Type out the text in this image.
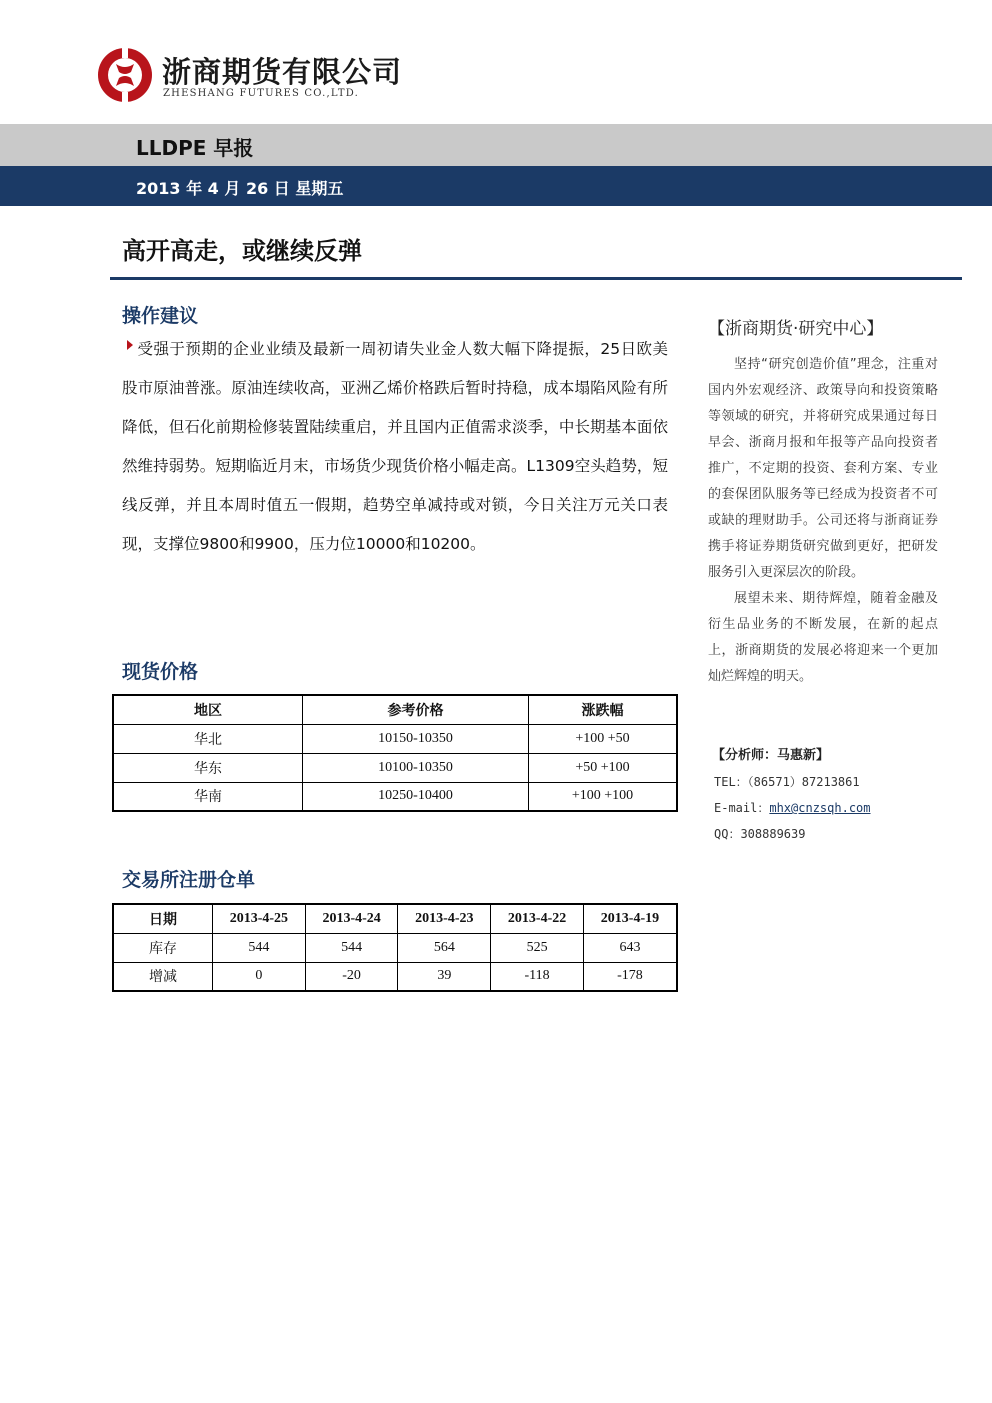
浙商期货有限公司
ZHESHANG FUTURES CO.,LTD.
LLDPE 早报
2013 年 4 月 26 日 星期五
高开高走，或继续反弹
操作建议
受强于预期的企业业绩及最新一周初请失业金人数大幅下降提振，25日欧美股市原油普涨。原油连续收高，亚洲乙烯价格跌后暂时持稳，成本塌陷风险有所降低，但石化前期检修装置陆续重启，并且国内正值需求淡季，中长期基本面依然维持弱势。短期临近月末，市场货少现货价格小幅走高。L1309空头趋势，短线反弹，并且本周时值五一假期，趋势空单减持或对锁，今日关注万元关口表现，支撑位9800和9900，压力位10000和10200。
现货价格
地区	参考价格	涨跌幅
华北	10150-10350	+100 +50
华东	10100-10350	+50 +100
华南	10250-10400	+100 +100
交易所注册仓单
日期	2013-4-25	2013-4-24	2013-4-23	2013-4-22	2013-4-19
库存	544	544	564	525	643
增减	0	-20	39	-118	-178
【浙商期货·研究中心】

坚持“研究创造价值”理念，注重对国内外宏观经济、政策导向和投资策略等领域的研究，并将研究成果通过每日早会、浙商月报和年报等产品向投资者推广，不定期的投资、套利方案、专业的套保团队服务等已经成为投资者不可或缺的理财助手。公司还将与浙商证券携手将证券期货研究做到更好，把研发服务引入更深层次的阶段。

展望未来、期待辉煌，随着金融及衍生品业务的不断发展，在新的起点上，浙商期货的发展必将迎来一个更加灿烂辉煌的明天。

【分析师：马惠新】
TEL：（86571）87213861
E-mail：mhx@cnzsqh.com
QQ：308889639
